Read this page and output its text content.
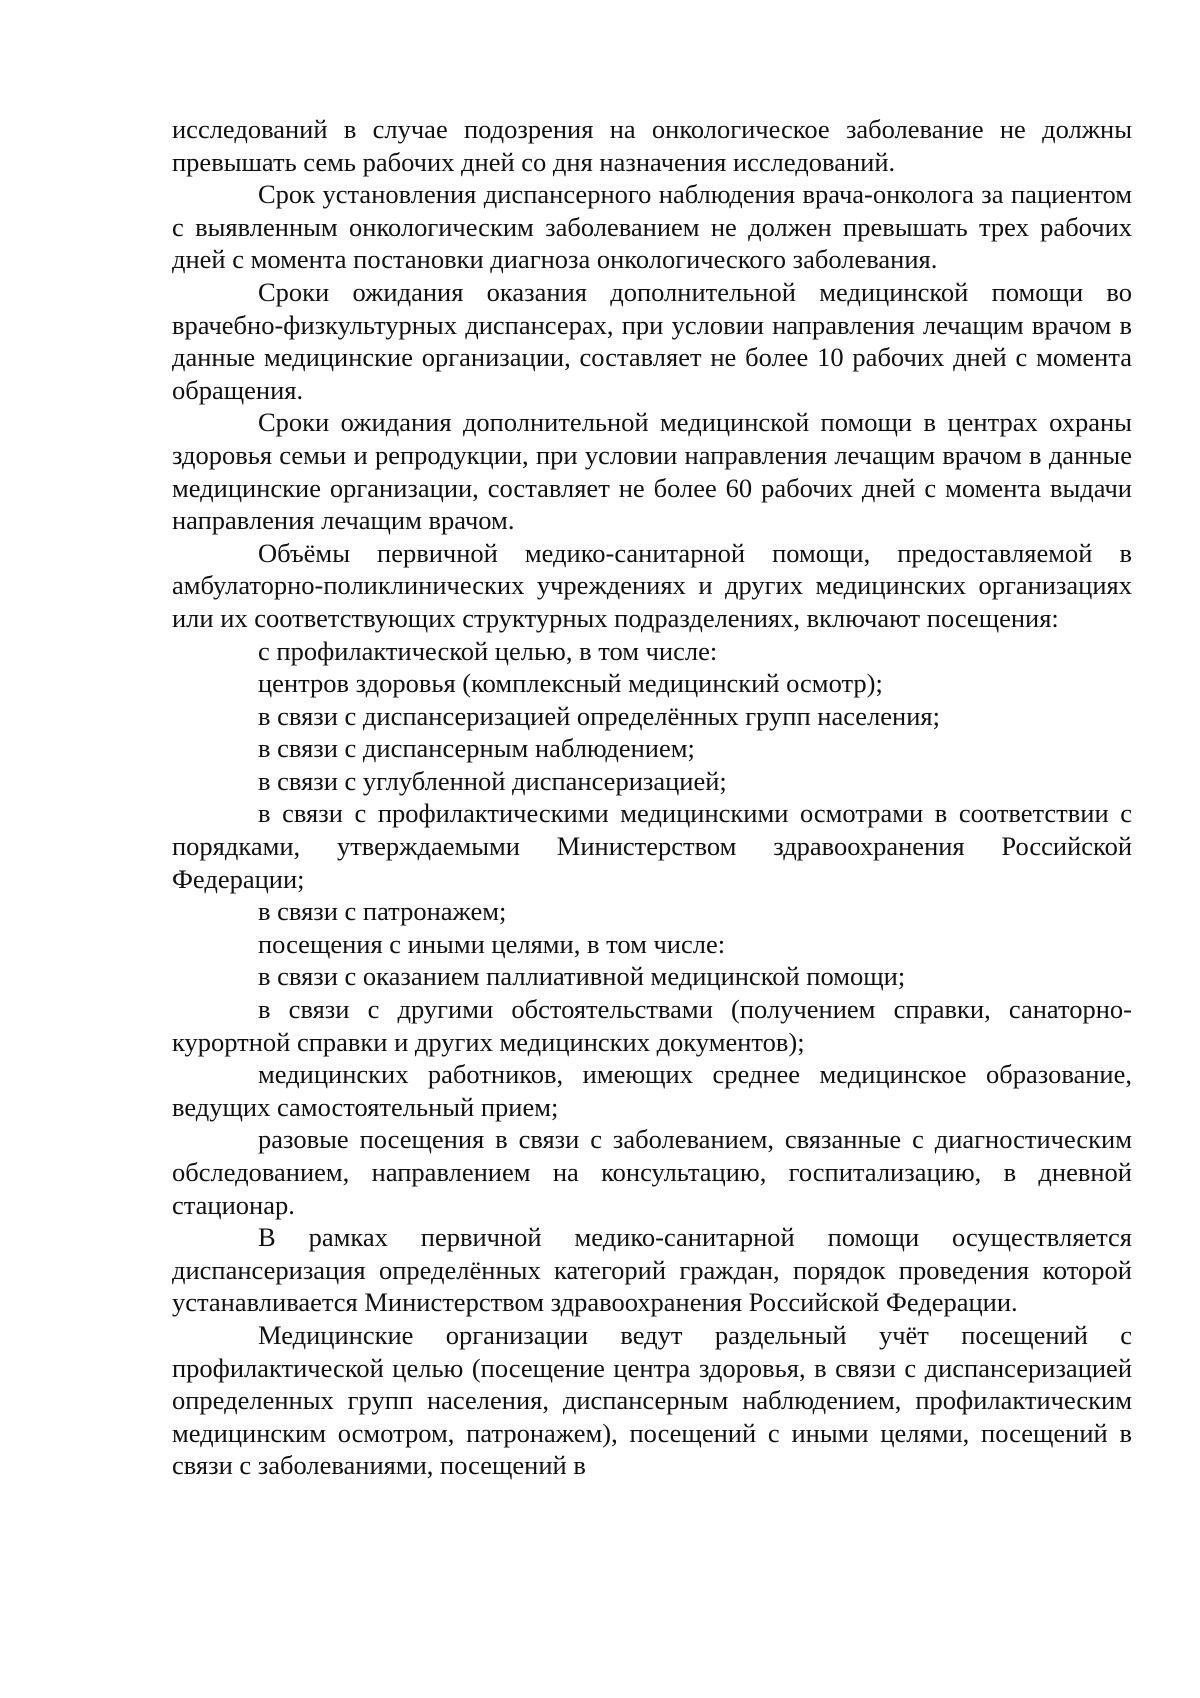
исследований в случае подозрения на онкологическое заболевание не должны превышать семь рабочих дней со дня назначения исследований.

Срок установления диспансерного наблюдения врача-онколога за пациентом с выявленным онкологическим заболеванием не должен превышать трех рабочих дней с момента постановки диагноза онкологического заболевания.

Сроки ожидания оказания дополнительной медицинской помощи во врачебно-физкультурных диспансерах, при условии направления лечащим врачом в данные медицинские организации, составляет не более 10 рабочих дней с момента обращения.

Сроки ожидания дополнительной медицинской помощи в центрах охраны здоровья семьи и репродукции, при условии направления лечащим врачом в данные медицинские организации, составляет не более 60 рабочих дней с момента выдачи направления лечащим врачом.

Объёмы первичной медико-санитарной помощи, предоставляемой в амбулаторно-поликлинических учреждениях и других медицинских организациях или их соответствующих структурных подразделениях, включают посещения:

с профилактической целью, в том числе:

центров здоровья (комплексный медицинский осмотр);

в связи с диспансеризацией определённых групп населения;

в связи с диспансерным наблюдением;

в связи с углубленной диспансеризацией;

в связи с профилактическими медицинскими осмотрами в соответствии с порядками, утверждаемыми Министерством здравоохранения Российской Федерации;

в связи с патронажем;

посещения с иными целями, в том числе:

в связи с оказанием паллиативной медицинской помощи;

в связи с другими обстоятельствами (получением справки, санаторно-курортной справки и других медицинских документов);

медицинских работников, имеющих среднее медицинское образование, ведущих самостоятельный прием;

разовые посещения в связи с заболеванием, связанные с диагностическим обследованием, направлением на консультацию, госпитализацию, в дневной стационар.

В рамках первичной медико-санитарной помощи осуществляется диспансеризация определённых категорий граждан, порядок проведения которой устанавливается Министерством здравоохранения Российской Федерации.

Медицинские организации ведут раздельный учёт посещений с профилактической целью (посещение центра здоровья, в связи с диспансеризацией определенных групп населения, диспансерным наблюдением, профилактическим медицинским осмотром, патронажем), посещений с иными целями, посещений в связи с заболеваниями, посещений в
